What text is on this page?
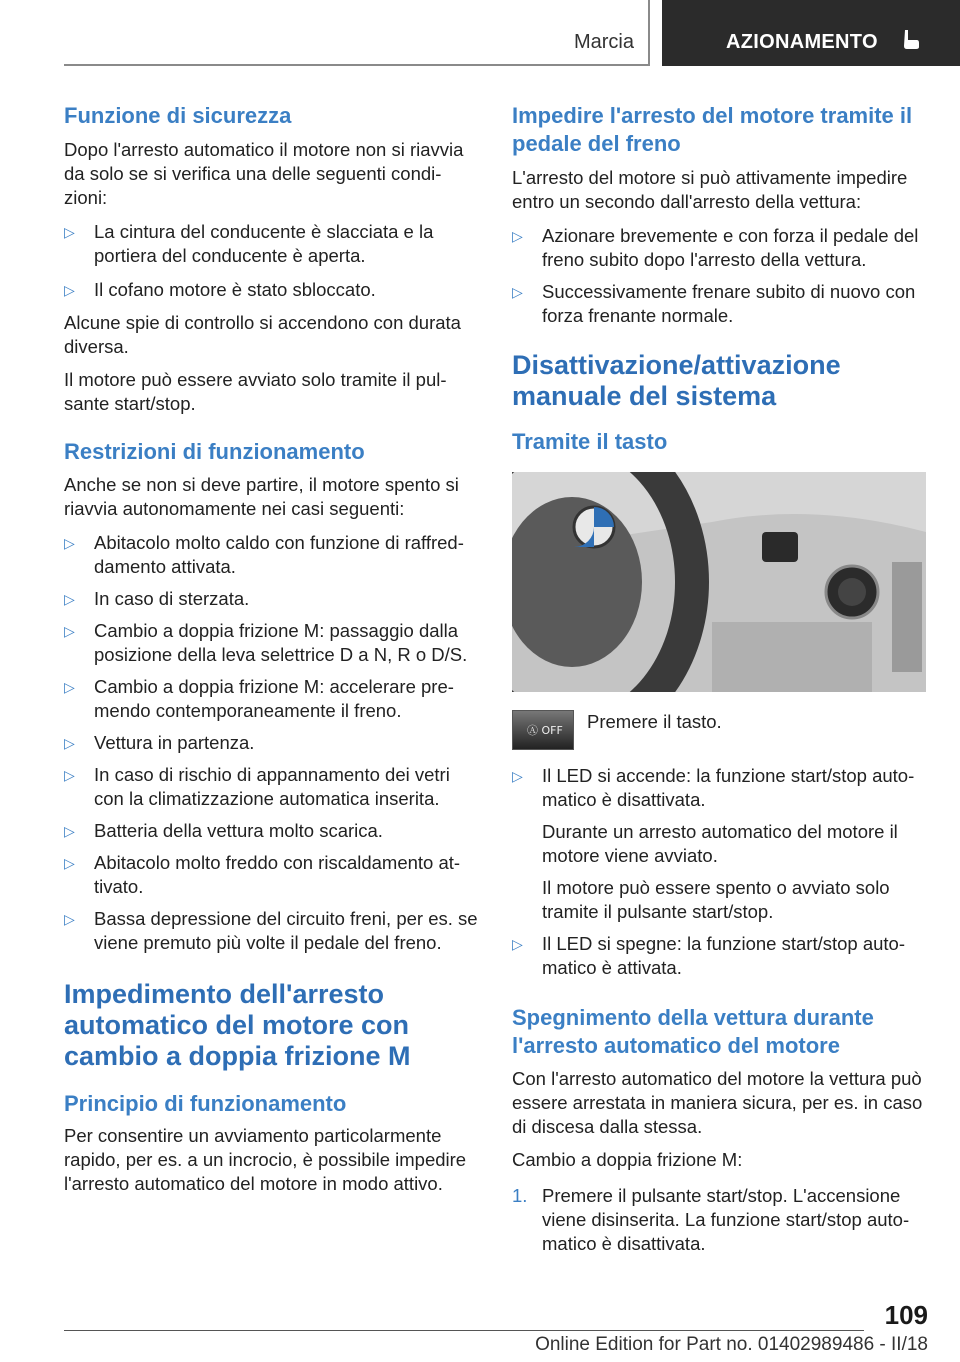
Marcia	AZIONAMENTO
Funzione di sicurezza

Dopo l'arresto automatico il motore non si riavvia da solo se si verifica una delle seguenti condi-zioni:

▷ La cintura del conducente è slacciata e la portiera del conducente è aperta.
▷ Il cofano motore è stato sbloccato.

Alcune spie di controllo si accendono con durata diversa.

Il motore può essere avviato solo tramite il pul-sante start/stop.

Restrizioni di funzionamento

Anche se non si deve partire, il motore spento si riavvia autonomamente nei casi seguenti:

▷ Abitacolo molto caldo con funzione di raffred-damento attivata.
▷ In caso di sterzata.
▷ Cambio a doppia frizione M: passaggio dalla posizione della leva selettrice D a N, R o D/S.
▷ Cambio a doppia frizione M: accelerare pre-mendo contemporaneamente il freno.
▷ Vettura in partenza.
▷ In caso di rischio di appannamento dei vetri con la climatizzazione automatica inserita.
▷ Batteria della vettura molto scarica.
▷ Abitacolo molto freddo con riscaldamento at-tivato.
▷ Bassa depressione del circuito freni, per es. se viene premuto più volte il pedale del freno.
Impedimento dell'arresto automatico del motore con cambio a doppia frizione M
Principio di funzionamento

Per consentire un avviamento particolarmente rapido, per es. a un incrocio, è possibile impedire l'arresto automatico del motore in modo attivo.

Impedire l'arresto del motore tramite il pedale del freno

L'arresto del motore si può attivamente impedire entro un secondo dall'arresto della vettura:

▷ Azionare brevemente e con forza il pedale del freno subito dopo l'arresto della vettura.
▷ Successivamente frenare subito di nuovo con forza frenante normale.
Disattivazione/attivazione manuale del sistema
Tramite il tasto
Ⓐ OFF Premere il tasto.

▷ Il LED si accende: la funzione start/stop auto-matico è disattivata.
Durante un arresto automatico del motore il motore viene avviato.
Il motore può essere spento o avviato solo tramite il pulsante start/stop.
▷ Il LED si spegne: la funzione start/stop auto-matico è attivata.
Spegnimento della vettura durante l'arresto automatico del motore

Con l'arresto automatico del motore la vettura può essere arrestata in maniera sicura, per es. in caso di discesa dalla stessa.

Cambio a doppia frizione M:

1. Premere il pulsante start/stop. L'accensione viene disinserita. La funzione start/stop auto-matico è disattivata.
109
Online Edition for Part no. 01402989486 - II/18
